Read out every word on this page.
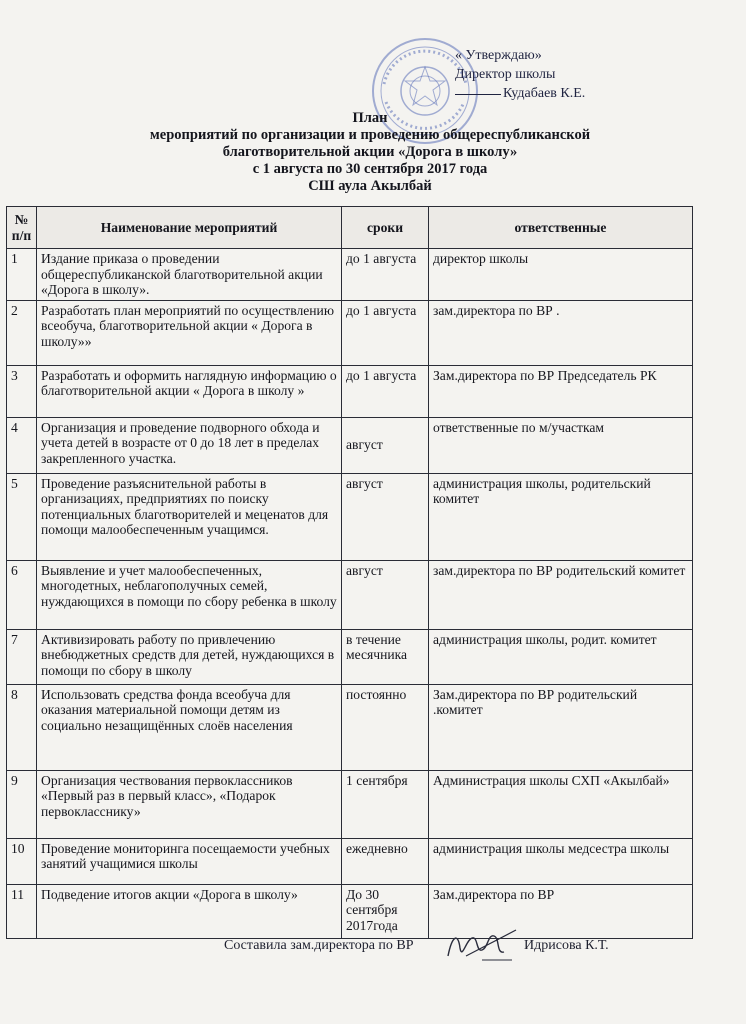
« Утверждаю»
Директор школы
Кудабаев К.Е.
План
мероприятий по организации и проведению общереспубликанской
благотворительной акции «Дорога в школу»
с 1 августа по 30 сентября 2017 года
СШ аула Акылбай
№ п/п	Наименование мероприятий	сроки	ответственные
1	Издание приказа о проведении общереспубликанской благотворительной акции «Дорога в школу».	до 1 августа	директор школы
2	Разработать план мероприятий по осуществлению всеобуча, благотворительной акции « Дорога в школу»»	до 1 августа	зам.директора по ВР .
3	Разработать и оформить наглядную информацию о благотворительной акции « Дорога в школу »	до 1 августа	Зам.директора по ВР Председатель РК
4	Организация и проведение подворного обхода и учета детей в возрасте от 0 до 18 лет в пределах закрепленного участка.	август	ответственные по м/участкам
5	Проведение разъяснительной работы в организациях, предприятиях по поиску потенциальных благотворителей и меценатов для помощи малообеспеченным учащимся.	август	администрация школы, родительский комитет
6	Выявление и учет малообеспеченных, многодетных, неблагополучных семей, нуждающихся в помощи по сбору ребенка в школу	август	зам.директора по ВР родительский комитет
7	Активизировать работу по привлечению внебюджетных средств для детей, нуждающихся в помощи по сбору в школу	в течение месячника	администрация школы, родит. комитет
8	Использовать средства фонда всеобуча для оказания материальной помощи детям из социально незащищённых слоёв населения	постоянно	Зам.директора по ВР родительский .комитет
9	Организация чествования первоклассников «Первый раз в первый класс», «Подарок первокласснику»	1 сентября	Администрация школы СХП «Акылбай»
10	Проведение мониторинга посещаемости учебных занятий учащимися школы	ежедневно	администрация школы медсестра школы
11	Подведение итогов акции «Дорога в школу»	До 30 сентября 2017года	Зам.директора по ВР
Составила зам.директора по ВР	Идрисова К.Т.
